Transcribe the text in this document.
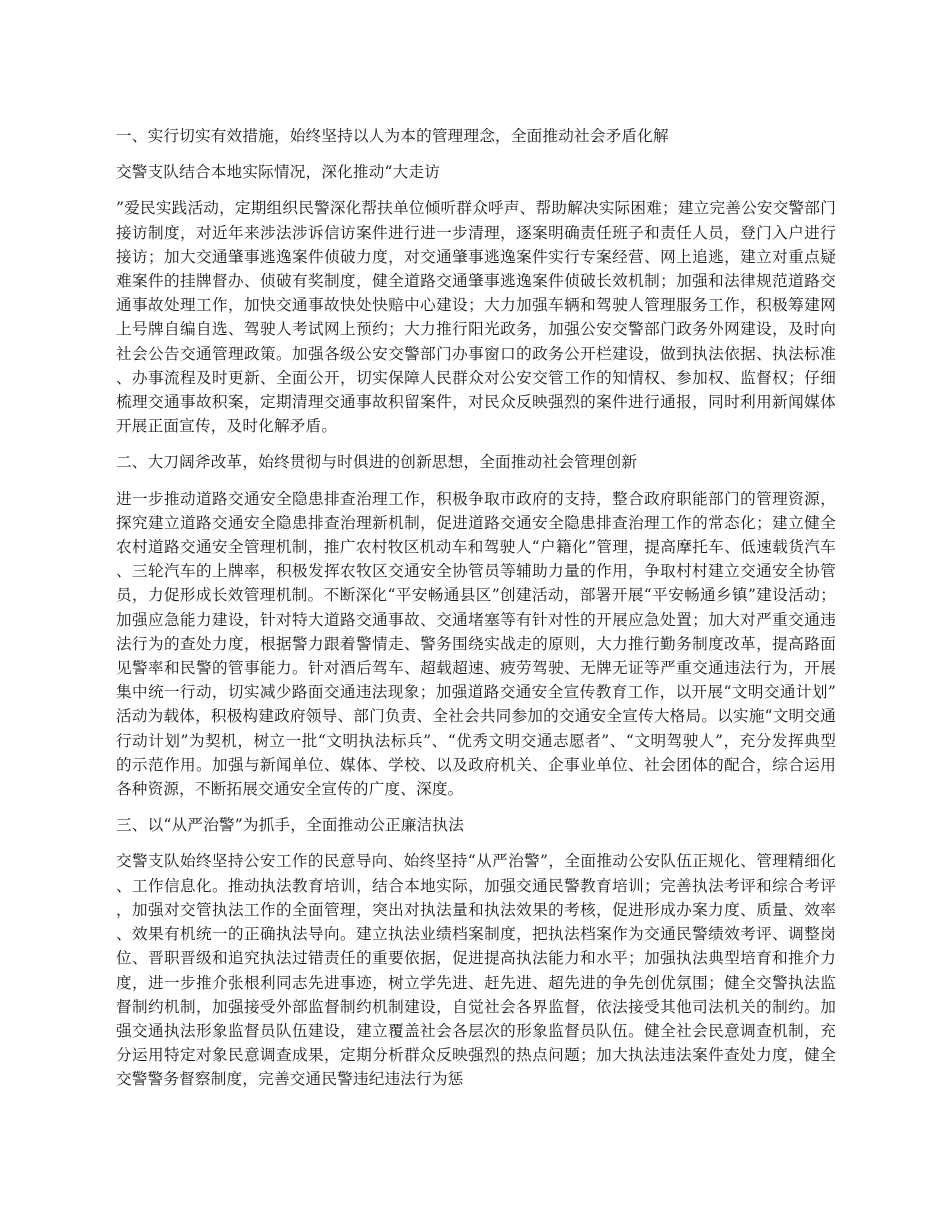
一、实行切实有效措施，始终坚持以人为本的管理理念，全面推动社会矛盾化解

交警支队结合本地实际情况，深化推动“大走访

”爱民实践活动，定期组织民警深化帮扶单位倾听群众呼声、帮助解决实际困难；建立完善公安交警部门接访制度，对近年来涉法涉诉信访案件进行进一步清理，逐案明确责任班子和责任人员，登门入户进行接访；加大交通肇事逃逸案件侦破力度，对交通肇事逃逸案件实行专案经营、网上追逃，建立对重点疑难案件的挂牌督办、侦破有奖制度，健全道路交通肇事逃逸案件侦破长效机制；加强和法律规范道路交通事故处理工作，加快交通事故快处快赔中心建设；大力加强车辆和驾驶人管理服务工作，积极筹建网上号牌自编自选、驾驶人考试网上预约；大力推行阳光政务，加强公安交警部门政务外网建设，及时向社会公告交通管理政策。加强各级公安交警部门办事窗口的政务公开栏建设，做到执法依据、执法标准、办事流程及时更新、全面公开，切实保障人民群众对公安交管工作的知情权、参加权、监督权；仔细梳理交通事故积案，定期清理交通事故积留案件，对民众反映强烈的案件进行通报，同时利用新闻媒体开展正面宣传，及时化解矛盾。

二、大刀阔斧改革，始终贯彻与时俱进的创新思想，全面推动社会管理创新

进一步推动道路交通安全隐患排查治理工作，积极争取市政府的支持，整合政府职能部门的管理资源，探究建立道路交通安全隐患排查治理新机制，促进道路交通安全隐患排查治理工作的常态化；建立健全农村道路交通安全管理机制，推广农村牧区机动车和驾驶人“户籍化”管理，提高摩托车、低速载货汽车、三轮汽车的上牌率，积极发挥农牧区交通安全协管员等辅助力量的作用，争取村村建立交通安全协管员，力促形成长效管理机制。不断深化“平安畅通县区”创建活动，部署开展“平安畅通乡镇”建设活动；加强应急能力建设，针对特大道路交通事故、交通堵塞等有针对性的开展应急处置；加大对严重交通违法行为的查处力度，根据警力跟着警情走、警务围绕实战走的原则，大力推行勤务制度改革，提高路面见警率和民警的管事能力。针对酒后驾车、超载超速、疲劳驾驶、无牌无证等严重交通违法行为，开展集中统一行动，切实减少路面交通违法现象；加强道路交通安全宣传教育工作，以开展“文明交通计划”活动为载体，积极构建政府领导、部门负责、全社会共同参加的交通安全宣传大格局。以实施“文明交通行动计划”为契机，树立一批“文明执法标兵”、“优秀文明交通志愿者”、“文明驾驶人”，充分发挥典型的示范作用。加强与新闻单位、媒体、学校、以及政府机关、企事业单位、社会团体的配合，综合运用各种资源，不断拓展交通安全宣传的广度、深度。

三、以“从严治警”为抓手，全面推动公正廉洁执法

交警支队始终坚持公安工作的民意导向、始终坚持“从严治警”，全面推动公安队伍正规化、管理精细化、工作信息化。推动执法教育培训，结合本地实际，加强交通民警教育培训；完善执法考评和综合考评，加强对交管执法工作的全面管理，突出对执法量和执法效果的考核，促进形成办案力度、质量、效率、效果有机统一的正确执法导向。建立执法业绩档案制度，把执法档案作为交通民警绩效考评、调整岗位、晋职晋级和追究执法过错责任的重要依据，促进提高执法能力和水平；加强执法典型培育和推介力度，进一步推介张根利同志先进事迹，树立学先进、赶先进、超先进的争先创优氛围；健全交警执法监督制约机制，加强接受外部监督制约机制建设，自觉社会各界监督，依法接受其他司法机关的制约。加强交通执法形象监督员队伍建设，建立覆盖社会各层次的形象监督员队伍。健全社会民意调查机制，充分运用特定对象民意调查成果，定期分析群众反映强烈的热点问题；加大执法违法案件查处力度，健全交警警务督察制度，完善交通民警违纪违法行为惩
